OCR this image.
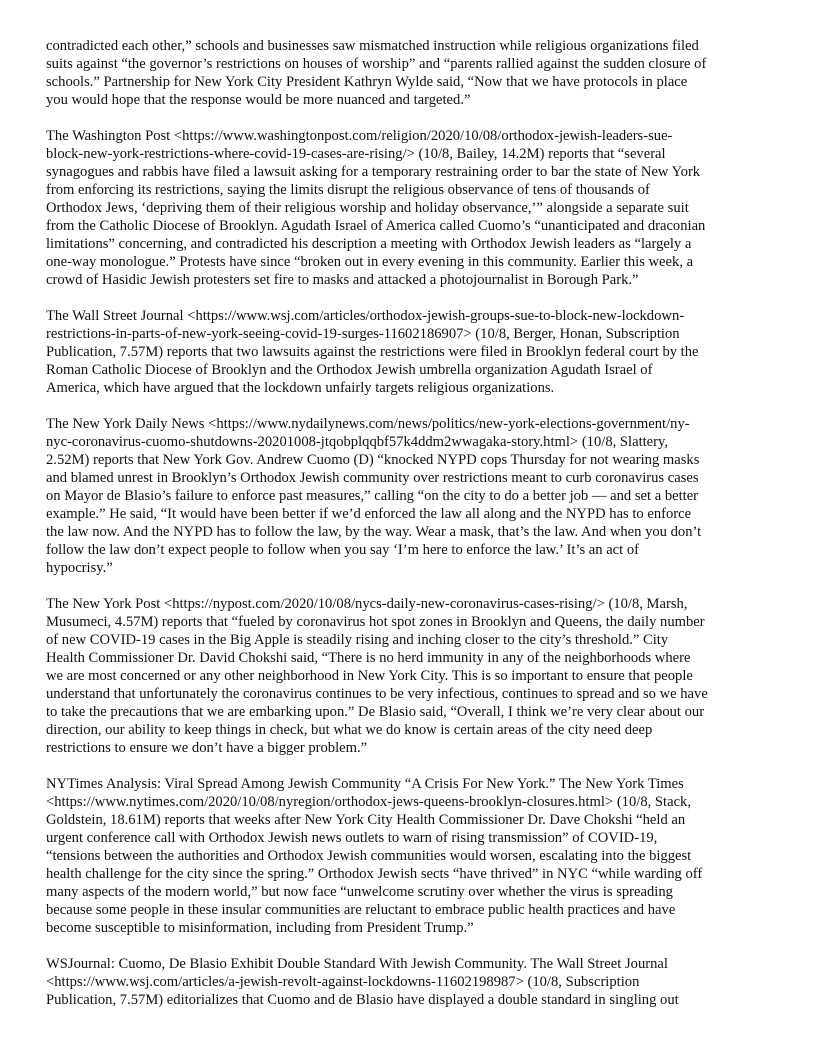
contradicted each other,” schools and businesses saw mismatched instruction while religious organizations filed
suits against “the governor’s restrictions on houses of worship” and “parents rallied against the sudden closure of
schools.” Partnership for New York City President Kathryn Wylde said, “Now that we have protocols in place
you would hope that the response would be more nuanced and targeted.”

The Washington Post <https://www.washingtonpost.com/religion/2020/10/08/orthodox-jewish-leaders-sue-
block-new-york-restrictions-where-covid-19-cases-are-rising/> (10/8, Bailey, 14.2M) reports that “several
synagogues and rabbis have filed a lawsuit asking for a temporary restraining order to bar the state of New York
from enforcing its restrictions, saying the limits disrupt the religious observance of tens of thousands of
Orthodox Jews, ‘depriving them of their religious worship and holiday observance,’” alongside a separate suit
from the Catholic Diocese of Brooklyn. Agudath Israel of America called Cuomo’s “unanticipated and draconian
limitations” concerning, and contradicted his description a meeting with Orthodox Jewish leaders as “largely a
one-way monologue.” Protests have since “broken out in every evening in this community. Earlier this week, a
crowd of Hasidic Jewish protesters set fire to masks and attacked a photojournalist in Borough Park.”

The Wall Street Journal <https://www.wsj.com/articles/orthodox-jewish-groups-sue-to-block-new-lockdown-
restrictions-in-parts-of-new-york-seeing-covid-19-surges-11602186907> (10/8, Berger, Honan, Subscription
Publication, 7.57M) reports that two lawsuits against the restrictions were filed in Brooklyn federal court by the
Roman Catholic Diocese of Brooklyn and the Orthodox Jewish umbrella organization Agudath Israel of
America, which have argued that the lockdown unfairly targets religious organizations.

The New York Daily News <https://www.nydailynews.com/news/politics/new-york-elections-government/ny-
nyc-coronavirus-cuomo-shutdowns-20201008-jtqobplqqbf57k4ddm2wwagaka-story.html> (10/8, Slattery,
2.52M) reports that New York Gov. Andrew Cuomo (D) “knocked NYPD cops Thursday for not wearing masks
and blamed unrest in Brooklyn’s Orthodox Jewish community over restrictions meant to curb coronavirus cases
on Mayor de Blasio’s failure to enforce past measures,” calling “on the city to do a better job — and set a better
example.” He said, “It would have been better if we’d enforced the law all along and the NYPD has to enforce
the law now. And the NYPD has to follow the law, by the way. Wear a mask, that’s the law. And when you don’t
follow the law don’t expect people to follow when you say ‘I’m here to enforce the law.’ It’s an act of
hypocrisy.”

The New York Post <https://nypost.com/2020/10/08/nycs-daily-new-coronavirus-cases-rising/> (10/8, Marsh,
Musumeci, 4.57M) reports that “fueled by coronavirus hot spot zones in Brooklyn and Queens, the daily number
of new COVID-19 cases in the Big Apple is steadily rising and inching closer to the city’s threshold.” City
Health Commissioner Dr. David Chokshi said, “There is no herd immunity in any of the neighborhoods where
we are most concerned or any other neighborhood in New York City. This is so important to ensure that people
understand that unfortunately the coronavirus continues to be very infectious, continues to spread and so we have
to take the precautions that we are embarking upon.” De Blasio said, “Overall, I think we’re very clear about our
direction, our ability to keep things in check, but what we do know is certain areas of the city need deep
restrictions to ensure we don’t have a bigger problem.”

NYTimes Analysis: Viral Spread Among Jewish Community “A Crisis For New York.” The New York Times
<https://www.nytimes.com/2020/10/08/nyregion/orthodox-jews-queens-brooklyn-closures.html> (10/8, Stack,
Goldstein, 18.61M) reports that weeks after New York City Health Commissioner Dr. Dave Chokshi “held an
urgent conference call with Orthodox Jewish news outlets to warn of rising transmission” of COVID-19,
“tensions between the authorities and Orthodox Jewish communities would worsen, escalating into the biggest
health challenge for the city since the spring.” Orthodox Jewish sects “have thrived” in NYC “while warding off
many aspects of the modern world,” but now face “unwelcome scrutiny over whether the virus is spreading
because some people in these insular communities are reluctant to embrace public health practices and have
become susceptible to misinformation, including from President Trump.”

WSJournal: Cuomo, De Blasio Exhibit Double Standard With Jewish Community. The Wall Street Journal
<https://www.wsj.com/articles/a-jewish-revolt-against-lockdowns-11602198987> (10/8, Subscription
Publication, 7.57M) editorializes that Cuomo and de Blasio have displayed a double standard in singling out
